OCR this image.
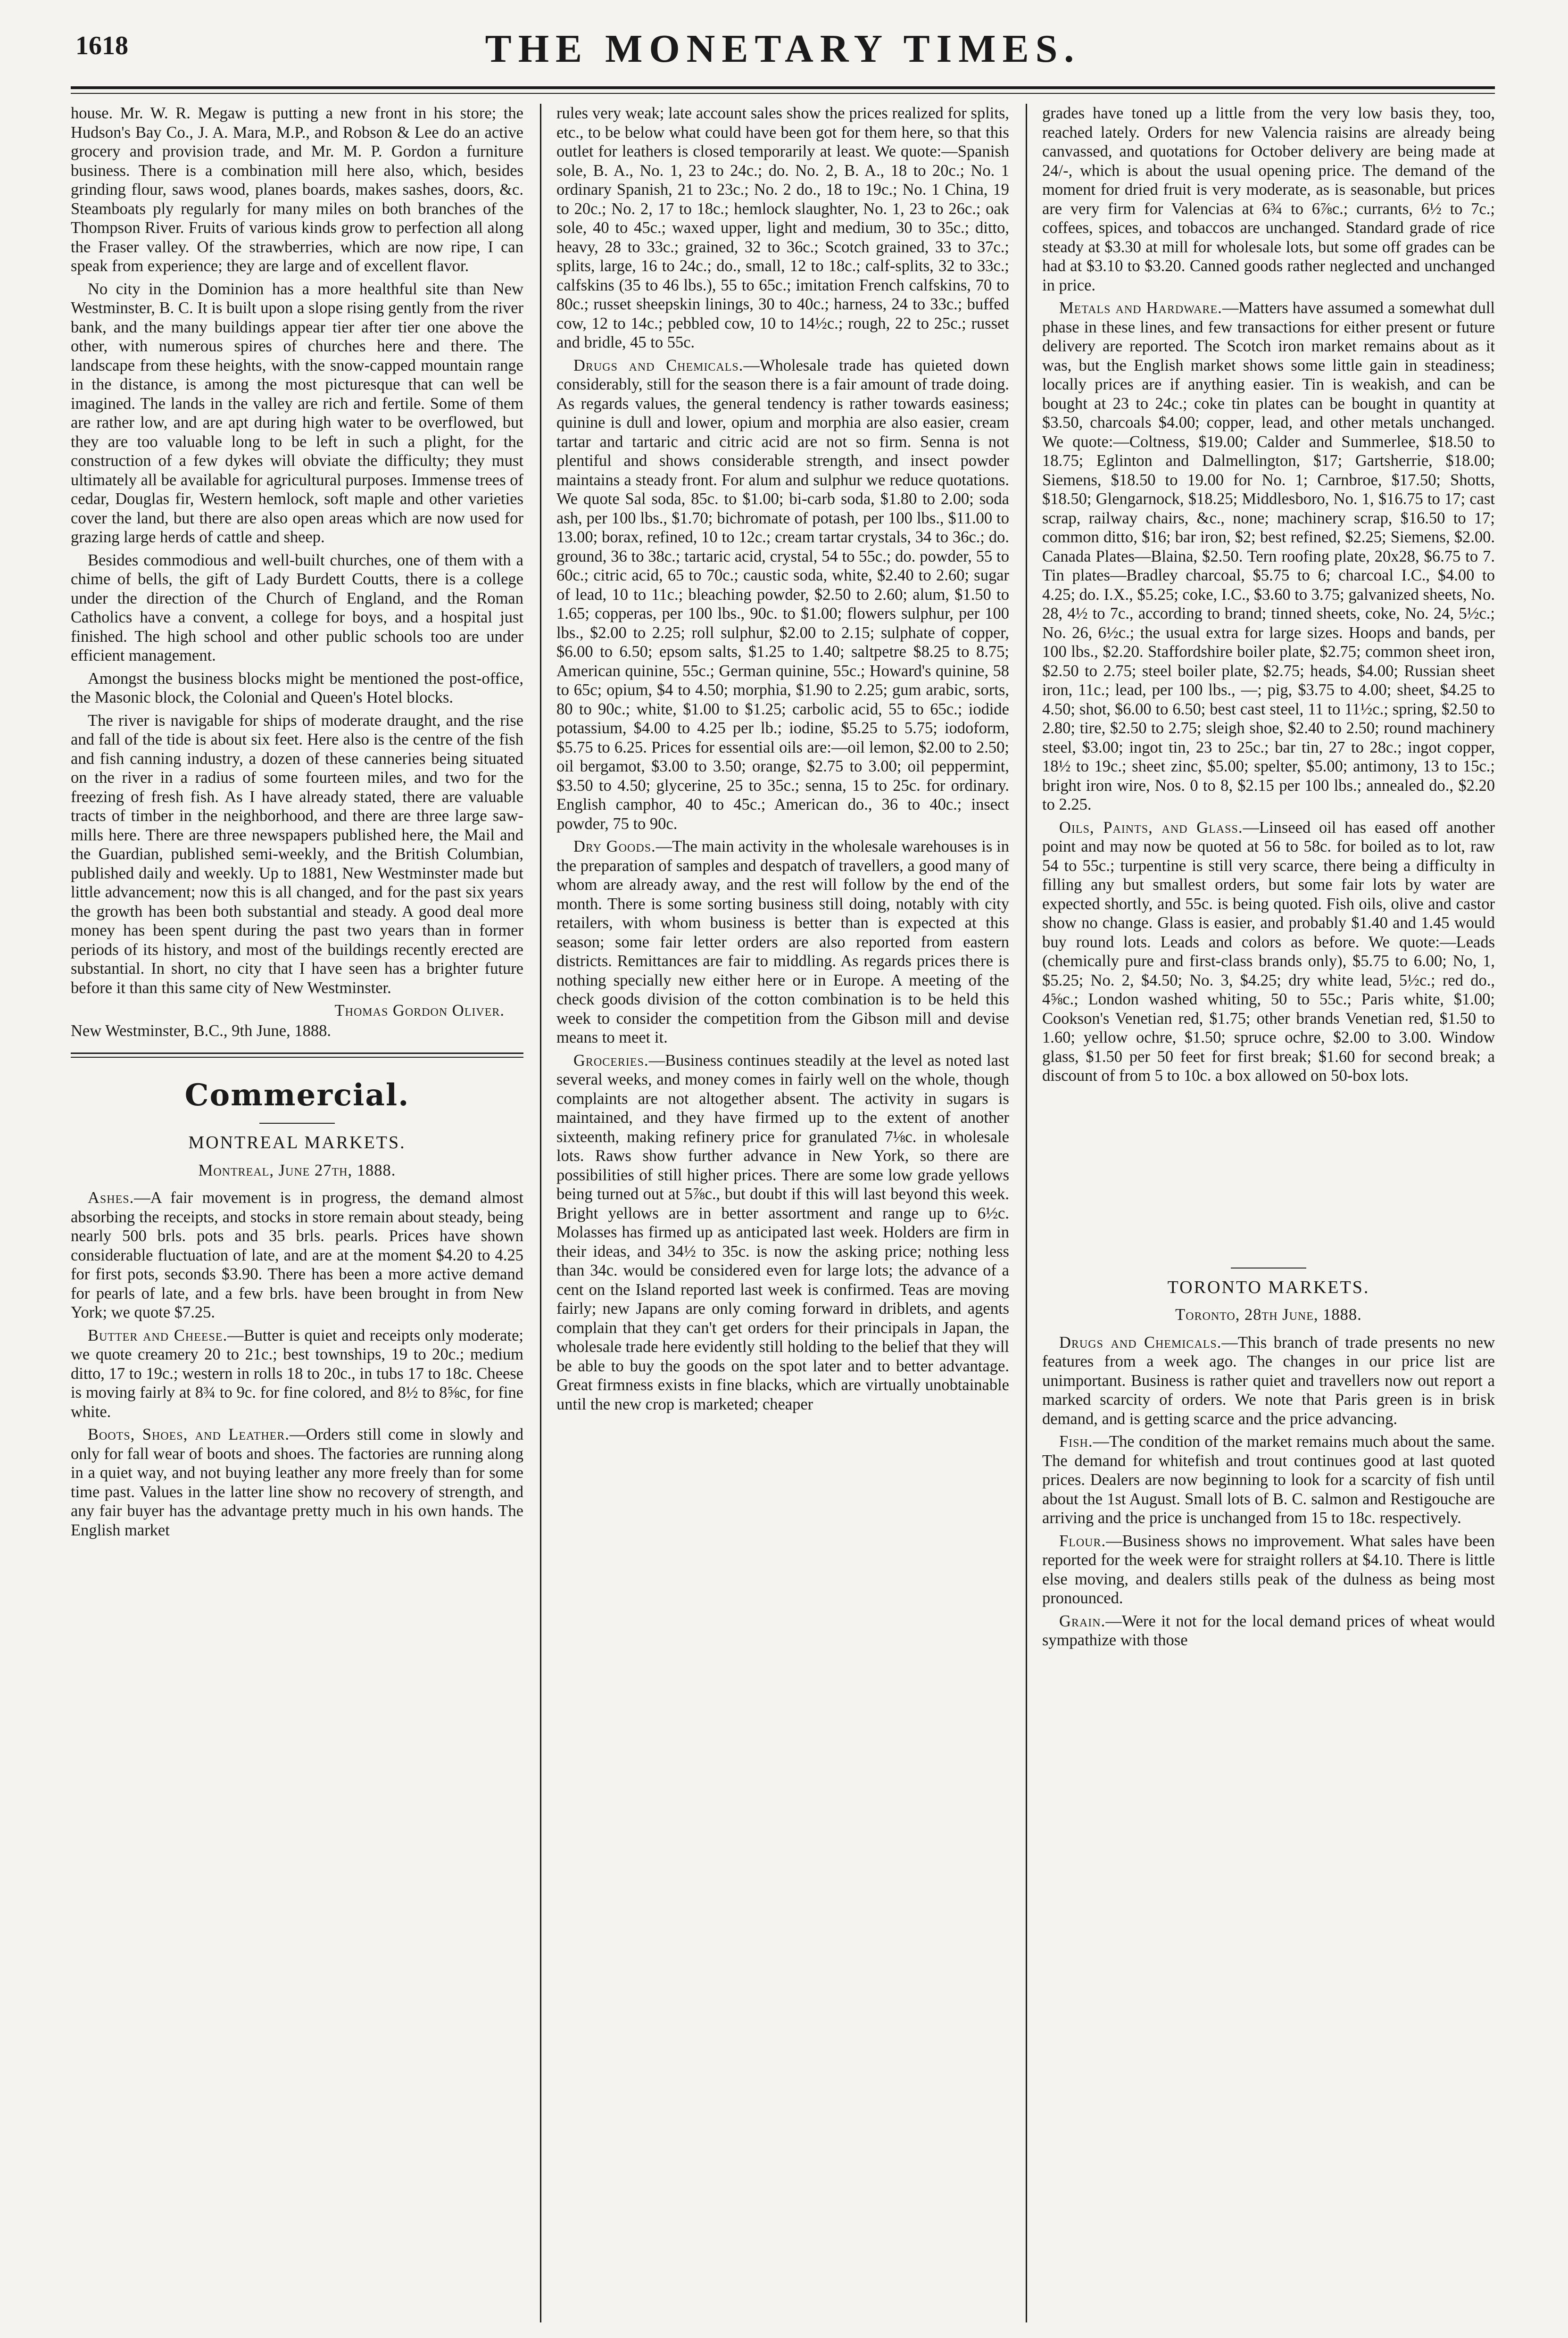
1618	THE MONETARY TIMES.

house. Mr. W. R. Megaw is putting a new front in his store; the Hudson's Bay Co., J. A. Mara, M.P., and Robson & Lee do an active grocery and provision trade, and Mr. M. P. Gordon a furniture business. There is a combination mill here also, which, besides grinding flour, saws wood, planes boards, makes sashes, doors, &c. Steamboats ply regularly for many miles on both branches of the Thompson River. Fruits of various kinds grow to perfection all along the Fraser valley. Of the strawberries, which are now ripe, I can speak from experience; they are large and of excellent flavor.

No city in the Dominion has a more healthful site than New Westminster, B. C. It is built upon a slope rising gently from the river bank, and the many buildings appear tier after tier one above the other, with numerous spires of churches here and there. The landscape from these heights, with the snow-capped mountain range in the distance, is among the most picturesque that can well be imagined. The lands in the valley are rich and fertile. Some of them are rather low, and are apt during high water to be overflowed, but they are too valuable long to be left in such a plight, for the construction of a few dykes will obviate the difficulty; they must ultimately all be available for agricultural purposes. Immense trees of cedar, Douglas fir, Western hemlock, soft maple and other varieties cover the land, but there are also open areas which are now used for grazing large herds of cattle and sheep.

Besides commodious and well-built churches, one of them with a chime of bells, the gift of Lady Burdett Coutts, there is a college under the direction of the Church of England, and the Roman Catholics have a convent, a college for boys, and a hospital just finished. The high school and other public schools too are under efficient management.

Amongst the business blocks might be mentioned the post-office, the Masonic block, the Colonial and Queen's Hotel blocks.

The river is navigable for ships of moderate draught, and the rise and fall of the tide is about six feet. Here also is the centre of the fish and fish canning industry, a dozen of these canneries being situated on the river in a radius of some fourteen miles, and two for the freezing of fresh fish. As I have already stated, there are valuable tracts of timber in the neighborhood, and there are three large saw-mills here. There are three newspapers published here, the Mail and the Guardian, published semi-weekly, and the British Columbian, published daily and weekly. Up to 1881, New Westminster made but little advancement; now this is all changed, and for the past six years the growth has been both substantial and steady. A good deal more money has been spent during the past two years than in former periods of its history, and most of the buildings recently erected are substantial. In short, no city that I have seen has a brighter future before it than this same city of New Westminster.

Thomas Gordon Oliver.

New Westminster, B.C., 9th June, 1888.

Commercial.
MONTREAL MARKETS.

Montreal, June 27th, 1888.

Ashes.—A fair movement is in progress, the demand almost absorbing the receipts, and stocks in store remain about steady, being nearly 500 brls. pots and 35 brls. pearls. Prices have shown considerable fluctuation of late, and are at the moment $4.20 to 4.25 for first pots, seconds $3.90. There has been a more active demand for pearls of late, and a few brls. have been brought in from New York; we quote $7.25.

Butter and Cheese.—Butter is quiet and receipts only moderate; we quote creamery 20 to 21c.; best townships, 19 to 20c.; medium ditto, 17 to 19c.; western in rolls 18 to 20c., in tubs 17 to 18c. Cheese is moving fairly at 8¾ to 9c. for fine colored, and 8½ to 8⅝c, for fine white.

Boots, Shoes, and Leather.—Orders still come in slowly and only for fall wear of boots and shoes. The factories are running along in a quiet way, and not buying leather any more freely than for some time past. Values in the latter line show no recovery of strength, and any fair buyer has the advantage pretty much in his own hands. The English market

rules very weak; late account sales show the prices realized for splits, etc., to be below what could have been got for them here, so that this outlet for leathers is closed temporarily at least. We quote:—Spanish sole, B. A., No. 1, 23 to 24c.; do. No. 2, B. A., 18 to 20c.; No. 1 ordinary Spanish, 21 to 23c.; No. 2 do., 18 to 19c.; No. 1 China, 19 to 20c.; No. 2, 17 to 18c.; hemlock slaughter, No. 1, 23 to 26c.; oak sole, 40 to 45c.; waxed upper, light and medium, 30 to 35c.; ditto, heavy, 28 to 33c.; grained, 32 to 36c.; Scotch grained, 33 to 37c.; splits, large, 16 to 24c.; do., small, 12 to 18c.; calf-splits, 32 to 33c.; calfskins (35 to 46 lbs.), 55 to 65c.; imitation French calfskins, 70 to 80c.; russet sheepskin linings, 30 to 40c.; harness, 24 to 33c.; buffed cow, 12 to 14c.; pebbled cow, 10 to 14½c.; rough, 22 to 25c.; russet and bridle, 45 to 55c.

Drugs and Chemicals.—Wholesale trade has quieted down considerably, still for the season there is a fair amount of trade doing. As regards values, the general tendency is rather towards easiness; quinine is dull and lower, opium and morphia are also easier, cream tartar and tartaric and citric acid are not so firm. Senna is not plentiful and shows considerable strength, and insect powder maintains a steady front. For alum and sulphur we reduce quotations. We quote Sal soda, 85c. to $1.00; bi-carb soda, $1.80 to 2.00; soda ash, per 100 lbs., $1.70; bichromate of potash, per 100 lbs., $11.00 to 13.00; borax, refined, 10 to 12c.; cream tartar crystals, 34 to 36c.; do. ground, 36 to 38c.; tartaric acid, crystal, 54 to 55c.; do. powder, 55 to 60c.; citric acid, 65 to 70c.; caustic soda, white, $2.40 to 2.60; sugar of lead, 10 to 11c.; bleaching powder, $2.50 to 2.60; alum, $1.50 to 1.65; copperas, per 100 lbs., 90c. to $1.00; flowers sulphur, per 100 lbs., $2.00 to 2.25; roll sulphur, $2.00 to 2.15; sulphate of copper, $6.00 to 6.50; epsom salts, $1.25 to 1.40; saltpetre $8.25 to 8.75; American quinine, 55c.; German quinine, 55c.; Howard's quinine, 58 to 65c; opium, $4 to 4.50; morphia, $1.90 to 2.25; gum arabic, sorts, 80 to 90c.; white, $1.00 to $1.25; carbolic acid, 55 to 65c.; iodide potassium, $4.00 to 4.25 per lb.; iodine, $5.25 to 5.75; iodoform, $5.75 to 6.25. Prices for essential oils are:—oil lemon, $2.00 to 2.50; oil bergamot, $3.00 to 3.50; orange, $2.75 to 3.00; oil peppermint, $3.50 to 4.50; glycerine, 25 to 35c.; senna, 15 to 25c. for ordinary. English camphor, 40 to 45c.; American do., 36 to 40c.; insect powder, 75 to 90c.

Dry Goods.—The main activity in the wholesale warehouses is in the preparation of samples and despatch of travellers, a good many of whom are already away, and the rest will follow by the end of the month. There is some sorting business still doing, notably with city retailers, with whom business is better than is expected at this season; some fair letter orders are also reported from eastern districts. Remittances are fair to middling. As regards prices there is nothing specially new either here or in Europe. A meeting of the check goods division of the cotton combination is to be held this week to consider the competition from the Gibson mill and devise means to meet it.

Groceries.—Business continues steadily at the level as noted last several weeks, and money comes in fairly well on the whole, though complaints are not altogether absent. The activity in sugars is maintained, and they have firmed up to the extent of another sixteenth, making refinery price for granulated 7⅛c. in wholesale lots. Raws show further advance in New York, so there are possibilities of still higher prices. There are some low grade yellows being turned out at 5⅞c., but doubt if this will last beyond this week. Bright yellows are in better assortment and range up to 6½c. Molasses has firmed up as anticipated last week. Holders are firm in their ideas, and 34½ to 35c. is now the asking price; nothing less than 34c. would be considered even for large lots; the advance of a cent on the Island reported last week is confirmed. Teas are moving fairly; new Japans are only coming forward in driblets, and agents complain that they can't get orders for their principals in Japan, the wholesale trade here evidently still holding to the belief that they will be able to buy the goods on the spot later and to better advantage. Great firmness exists in fine blacks, which are virtually unobtainable until the new crop is marketed; cheaper

grades have toned up a little from the very low basis they, too, reached lately. Orders for new Valencia raisins are already being canvassed, and quotations for October delivery are being made at 24/-, which is about the usual opening price. The demand of the moment for dried fruit is very moderate, as is seasonable, but prices are very firm for Valencias at 6¾ to 6⅞c.; currants, 6½ to 7c.; coffees, spices, and tobaccos are unchanged. Standard grade of rice steady at $3.30 at mill for wholesale lots, but some off grades can be had at $3.10 to $3.20. Canned goods rather neglected and unchanged in price.

Metals and Hardware.—Matters have assumed a somewhat dull phase in these lines, and few transactions for either present or future delivery are reported. The Scotch iron market remains about as it was, but the English market shows some little gain in steadiness; locally prices are if anything easier. Tin is weakish, and can be bought at 23 to 24c.; coke tin plates can be bought in quantity at $3.50, charcoals $4.00; copper, lead, and other metals unchanged. We quote:—Coltness, $19.00; Calder and Summerlee, $18.50 to 18.75; Eglinton and Dalmellington, $17; Gartsherrie, $18.00; Siemens, $18.50 to 19.00 for No. 1; Carnbroe, $17.50; Shotts, $18.50; Glengarnock, $18.25; Middlesboro, No. 1, $16.75 to 17; cast scrap, railway chairs, &c., none; machinery scrap, $16.50 to 17; common ditto, $16; bar iron, $2; best refined, $2.25; Siemens, $2.00. Canada Plates—Blaina, $2.50. Tern roofing plate, 20x28, $6.75 to 7. Tin plates—Bradley charcoal, $5.75 to 6; charcoal I.C., $4.00 to 4.25; do. I.X., $5.25; coke, I.C., $3.60 to 3.75; galvanized sheets, No. 28, 4½ to 7c., according to brand; tinned sheets, coke, No. 24, 5½c.; No. 26, 6½c.; the usual extra for large sizes. Hoops and bands, per 100 lbs., $2.20. Staffordshire boiler plate, $2.75; common sheet iron, $2.50 to 2.75; steel boiler plate, $2.75; heads, $4.00; Russian sheet iron, 11c.; lead, per 100 lbs., —; pig, $3.75 to 4.00; sheet, $4.25 to 4.50; shot, $6.00 to 6.50; best cast steel, 11 to 11½c.; spring, $2.50 to 2.80; tire, $2.50 to 2.75; sleigh shoe, $2.40 to 2.50; round machinery steel, $3.00; ingot tin, 23 to 25c.; bar tin, 27 to 28c.; ingot copper, 18½ to 19c.; sheet zinc, $5.00; spelter, $5.00; antimony, 13 to 15c.; bright iron wire, Nos. 0 to 8, $2.15 per 100 lbs.; annealed do., $2.20 to 2.25.

Oils, Paints, and Glass.—Linseed oil has eased off another point and may now be quoted at 56 to 58c. for boiled as to lot, raw 54 to 55c.; turpentine is still very scarce, there being a difficulty in filling any but smallest orders, but some fair lots by water are expected shortly, and 55c. is being quoted. Fish oils, olive and castor show no change. Glass is easier, and probably $1.40 and 1.45 would buy round lots. Leads and colors as before. We quote:—Leads (chemically pure and first-class brands only), $5.75 to 6.00; No, 1, $5.25; No. 2, $4.50; No. 3, $4.25; dry white lead, 5½c.; red do., 4⅝c.; London washed whiting, 50 to 55c.; Paris white, $1.00; Cookson's Venetian red, $1.75; other brands Venetian red, $1.50 to 1.60; yellow ochre, $1.50; spruce ochre, $2.00 to 3.00. Window glass, $1.50 per 50 feet for first break; $1.60 for second break; a discount of from 5 to 10c. a box allowed on 50-box lots.

TORONTO MARKETS.

Toronto, 28th June, 1888.

Drugs and Chemicals.—This branch of trade presents no new features from a week ago. The changes in our price list are unimportant. Business is rather quiet and travellers now out report a marked scarcity of orders. We note that Paris green is in brisk demand, and is getting scarce and the price advancing.

Fish.—The condition of the market remains much about the same. The demand for whitefish and trout continues good at last quoted prices. Dealers are now beginning to look for a scarcity of fish until about the 1st August. Small lots of B. C. salmon and Restigouche are arriving and the price is unchanged from 15 to 18c. respectively.

Flour.—Business shows no improvement. What sales have been reported for the week were for straight rollers at $4.10. There is little else moving, and dealers stills peak of the dulness as being most pronounced.

Grain.—Were it not for the local demand prices of wheat would sympathize with those
